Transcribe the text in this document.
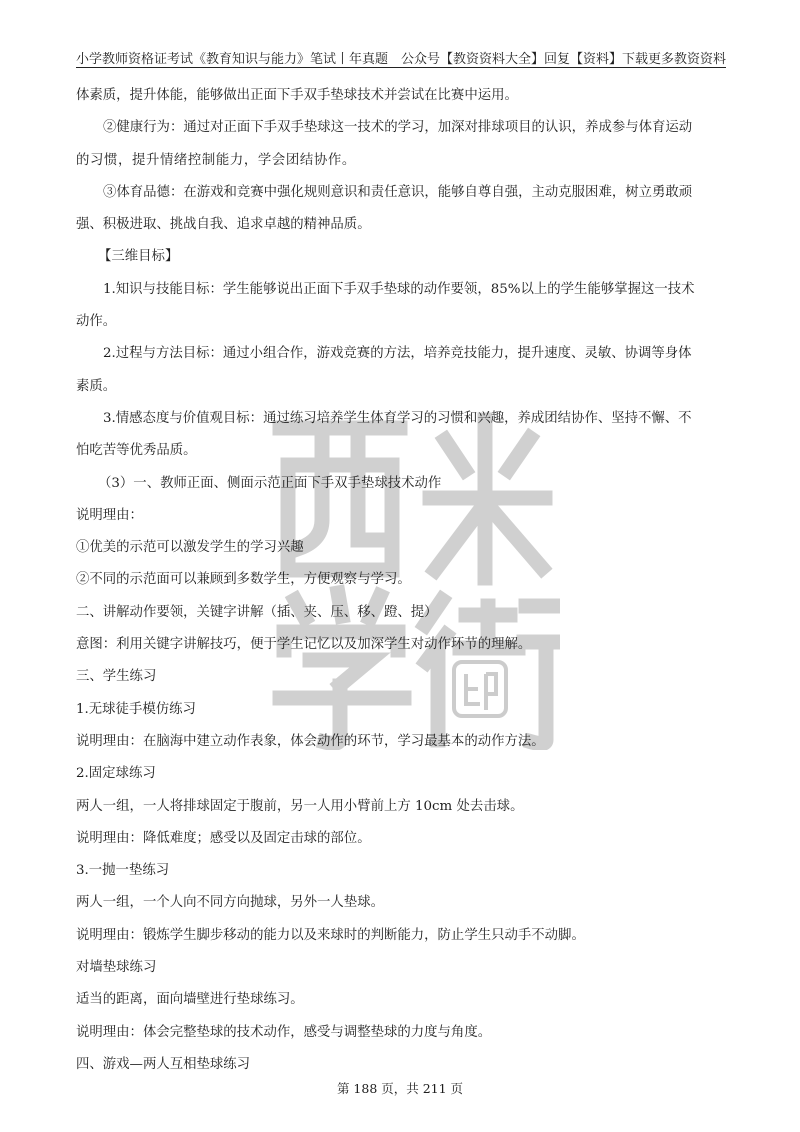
小学教师资格证考试《教育知识与能力》笔试丨年真题 公众号【教资资料大全】回复【资料】下载更多教资资料

体素质，提升体能，能够做出正面下手双手垫球技术并尝试在比赛中运用。

②健康行为：通过对正面下手双手垫球这一技术的学习，加深对排球项目的认识，养成参与体育运动

的习惯，提升情绪控制能力，学会团结协作。

③体育品德：在游戏和竞赛中强化规则意识和责任意识，能够自尊自强，主动克服困难，树立勇敢顽

强、积极进取、挑战自我、追求卓越的精神品质。

【三维目标】

1.知识与技能目标：学生能够说出正面下手双手垫球的动作要领，85%以上的学生能够掌握这一技术

动作。

2.过程与方法目标：通过小组合作，游戏竞赛的方法，培养竞技能力，提升速度、灵敏、协调等身体

素质。

3.情感态度与价值观目标：通过练习培养学生体育学习的习惯和兴趣，养成团结协作、坚持不懈、不

怕吃苦等优秀品质。

（3）一、教师正面、侧面示范正面下手双手垫球技术动作

说明理由：

①优美的示范可以激发学生的学习兴趣

②不同的示范面可以兼顾到多数学生，方便观察与学习。

二、讲解动作要领，关键字讲解（插、夹、压、移、蹬、提）

意图：利用关键字讲解技巧，便于学生记忆以及加深学生对动作环节的理解。

三、学生练习

1.无球徒手模仿练习

说明理由：在脑海中建立动作表象，体会动作的环节，学习最基本的动作方法。

2.固定球练习

两人一组，一人将排球固定于腹前，另一人用小臂前上方 10cm 处去击球。

说明理由：降低难度；感受以及固定击球的部位。

3.一抛一垫练习

两人一组，一个人向不同方向抛球，另外一人垫球。

说明理由：锻炼学生脚步移动的能力以及来球时的判断能力，防止学生只动手不动脚。

对墙垫球练习

适当的距离，面向墙壁进行垫球练习。

说明理由：体会完整垫球的技术动作，感受与调整垫球的力度与角度。

四、游戏—两人互相垫球练习

第 188 页，共 211 页
